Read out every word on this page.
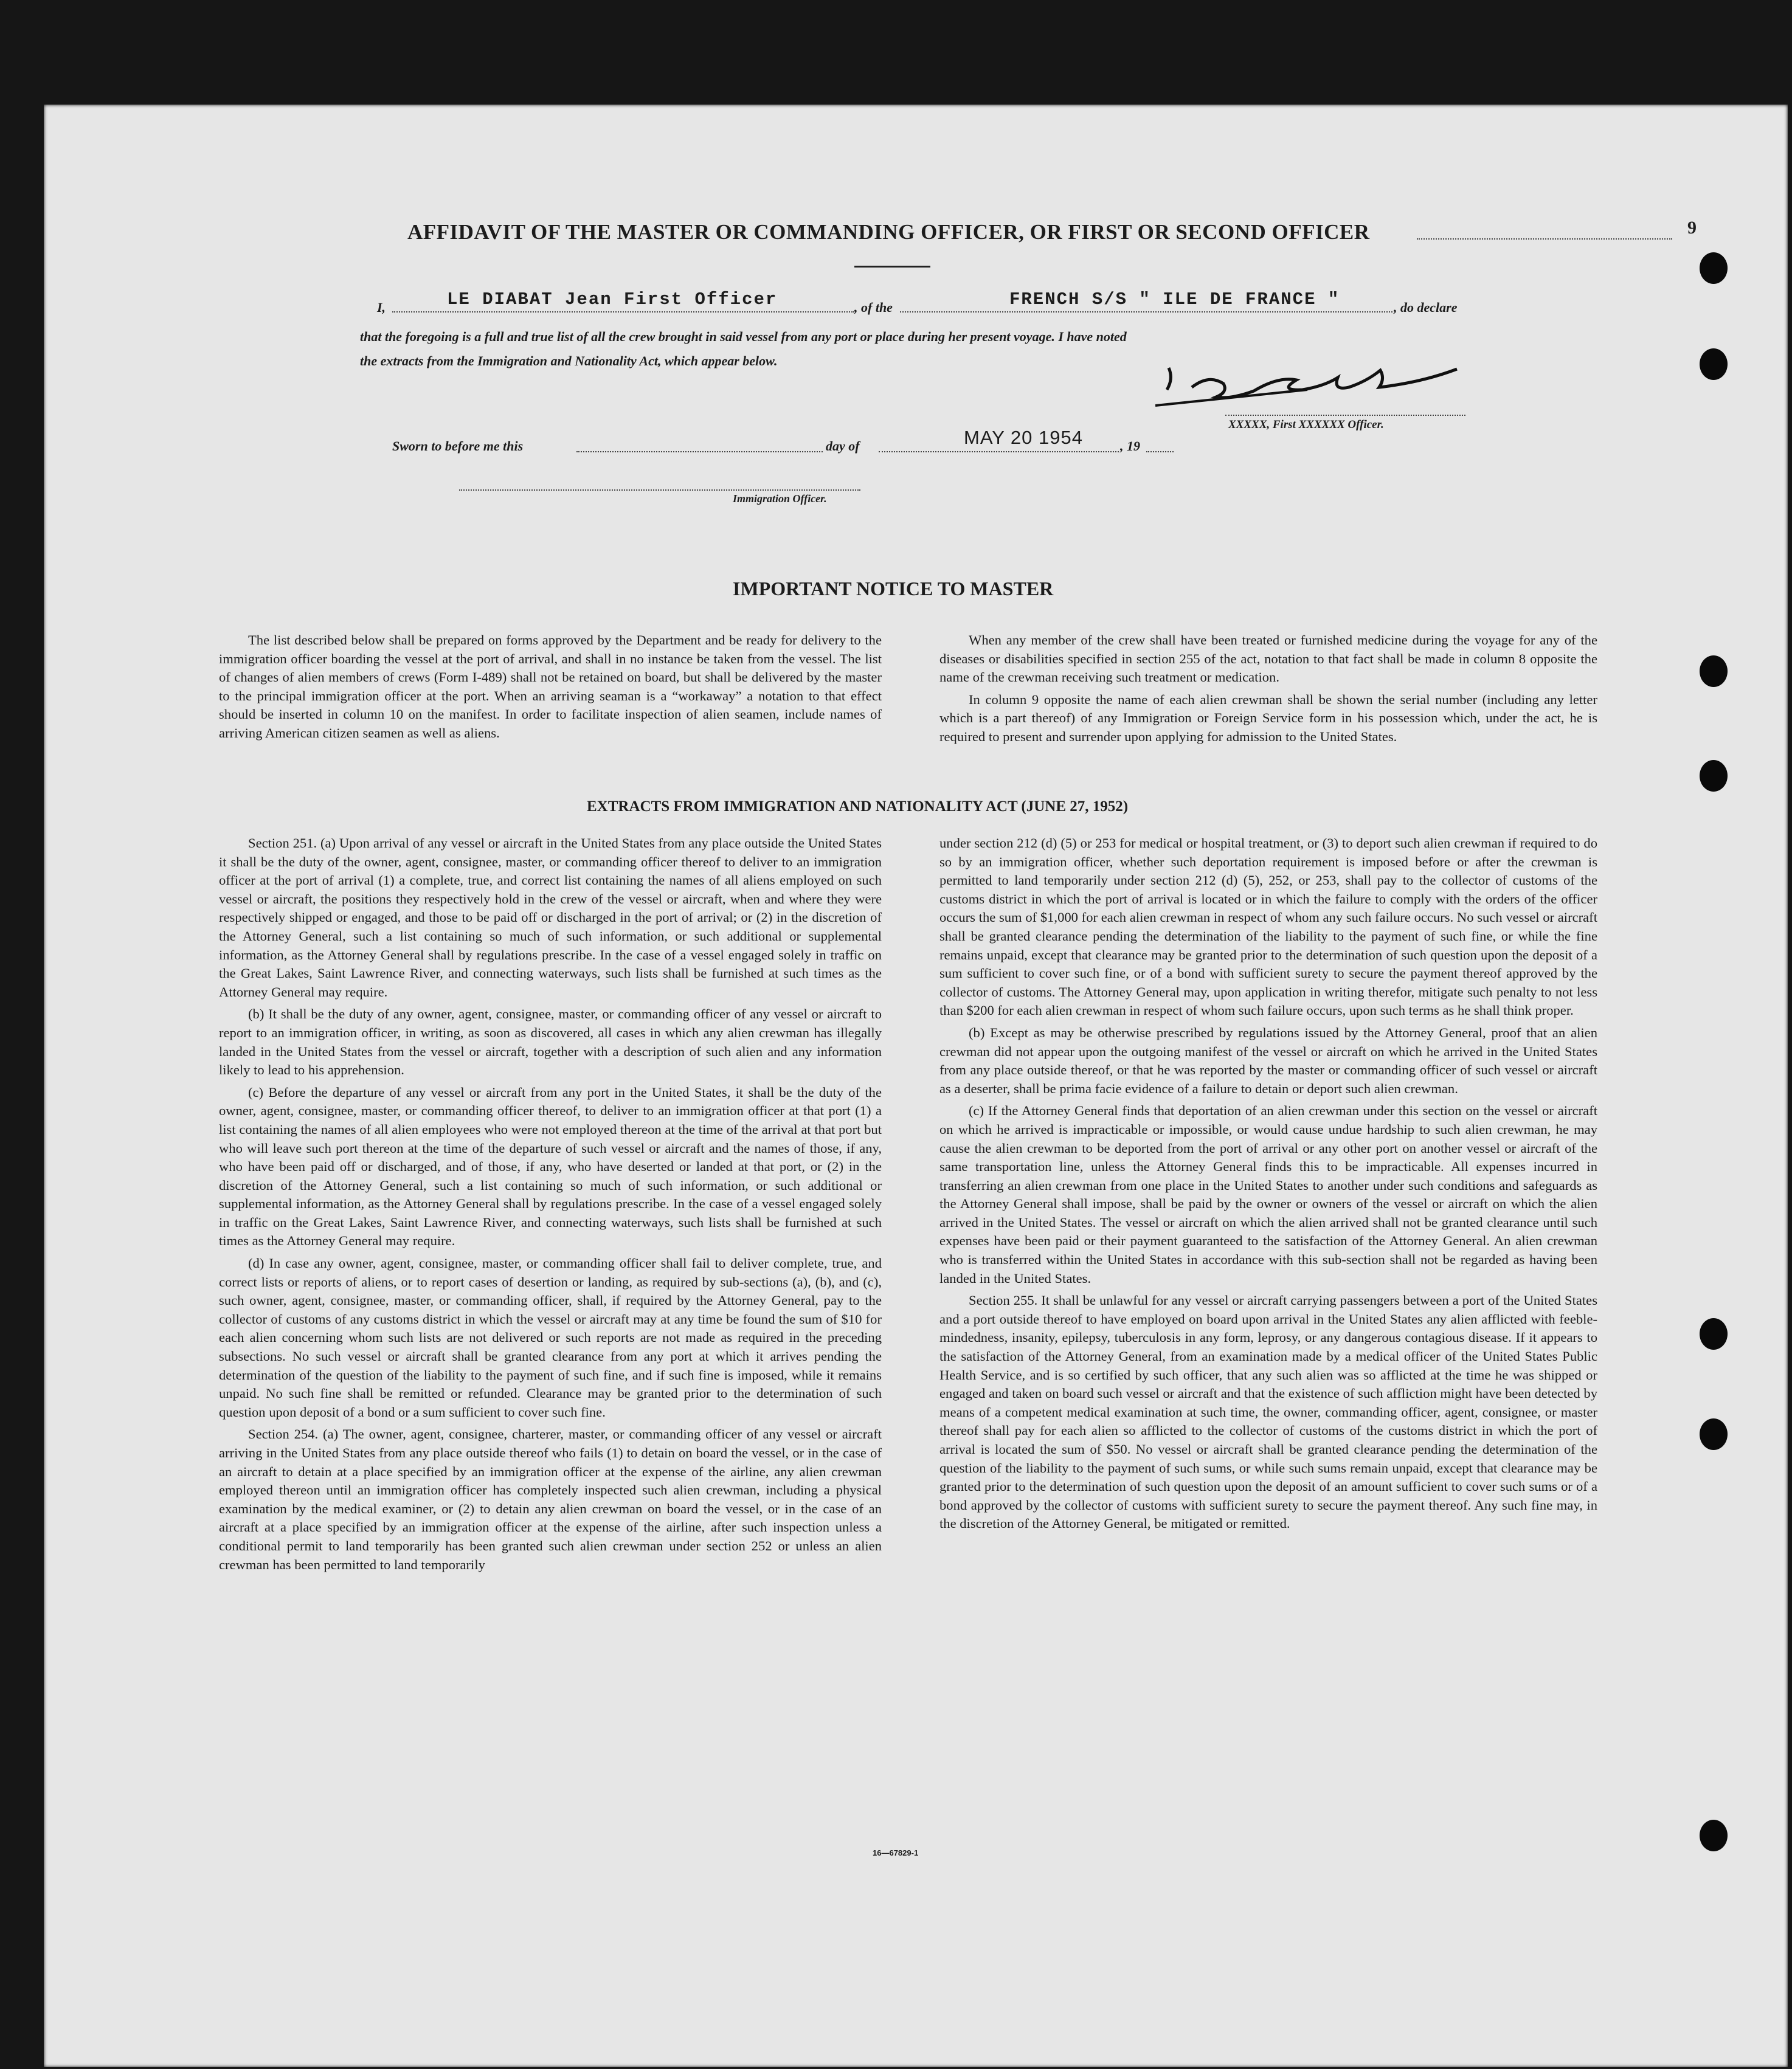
9
AFFIDAVIT OF THE MASTER OR COMMANDING OFFICER, OR FIRST OR SECOND OFFICER
I,	LE DIABAT Jean First Officer	, of the	FRENCH S/S " ILE DE FRANCE "	, do declare
that the foregoing is a full and true list of all the crew brought in said vessel from any port or place during her present voyage. I have noted
the extracts from the Immigration and Nationality Act, which appear below.
XXXXX, First XXXXXX Officer.
Sworn to before me this	day of	MAY 20 1954	, 19
Immigration Officer.
IMPORTANT NOTICE TO MASTER

The list described below shall be prepared on forms approved by the Department and be ready for delivery to the immigration officer boarding the vessel at the port of arrival, and shall in no instance be taken from the vessel. The list of changes of alien members of crews (Form I-489) shall not be retained on board, but shall be delivered by the master to the principal immigration officer at the port. When an arriving seaman is a “workaway” a notation to that effect should be inserted in column 10 on the manifest. In order to facilitate inspection of alien seamen, include names of arriving American citizen seamen as well as aliens.

When any member of the crew shall have been treated or furnished medicine during the voyage for any of the diseases or disabilities specified in section 255 of the act, notation to that fact shall be made in column 8 opposite the name of the crewman receiving such treatment or medication.

In column 9 opposite the name of each alien crewman shall be shown the serial number (including any letter which is a part thereof) of any Immigration or Foreign Service form in his possession which, under the act, he is required to present and surrender upon applying for admission to the United States.

EXTRACTS FROM IMMIGRATION AND NATIONALITY ACT (JUNE 27, 1952)

Section 251. (a) Upon arrival of any vessel or aircraft in the United States from any place outside the United States it shall be the duty of the owner, agent, consignee, master, or commanding officer thereof to deliver to an immigration officer at the port of arrival (1) a complete, true, and correct list containing the names of all aliens employed on such vessel or aircraft, the positions they respectively hold in the crew of the vessel or aircraft, when and where they were respectively shipped or engaged, and those to be paid off or discharged in the port of arrival; or (2) in the discretion of the Attorney General, such a list containing so much of such information, or such additional or supplemental information, as the Attorney General shall by regulations prescribe. In the case of a vessel engaged solely in traffic on the Great Lakes, Saint Lawrence River, and connecting waterways, such lists shall be furnished at such times as the Attorney General may require.

(b) It shall be the duty of any owner, agent, consignee, master, or commanding officer of any vessel or aircraft to report to an immigration officer, in writing, as soon as discovered, all cases in which any alien crewman has illegally landed in the United States from the vessel or aircraft, together with a description of such alien and any information likely to lead to his apprehension.

(c) Before the departure of any vessel or aircraft from any port in the United States, it shall be the duty of the owner, agent, consignee, master, or commanding officer thereof, to deliver to an immigration officer at that port (1) a list containing the names of all alien employees who were not employed thereon at the time of the arrival at that port but who will leave such port thereon at the time of the departure of such vessel or aircraft and the names of those, if any, who have been paid off or discharged, and of those, if any, who have deserted or landed at that port, or (2) in the discretion of the Attorney General, such a list containing so much of such information, or such additional or supplemental information, as the Attorney General shall by regulations prescribe. In the case of a vessel engaged solely in traffic on the Great Lakes, Saint Lawrence River, and connecting waterways, such lists shall be furnished at such times as the Attorney General may require.

(d) In case any owner, agent, consignee, master, or commanding officer shall fail to deliver complete, true, and correct lists or reports of aliens, or to report cases of desertion or landing, as required by sub-sections (a), (b), and (c), such owner, agent, consignee, master, or commanding officer, shall, if required by the Attorney General, pay to the collector of customs of any customs district in which the vessel or aircraft may at any time be found the sum of $10 for each alien concerning whom such lists are not delivered or such reports are not made as required in the preceding subsections. No such vessel or aircraft shall be granted clearance from any port at which it arrives pending the determination of the question of the liability to the payment of such fine, and if such fine is imposed, while it remains unpaid. No such fine shall be remitted or refunded. Clearance may be granted prior to the determination of such question upon deposit of a bond or a sum sufficient to cover such fine.

Section 254. (a) The owner, agent, consignee, charterer, master, or commanding officer of any vessel or aircraft arriving in the United States from any place outside thereof who fails (1) to detain on board the vessel, or in the case of an aircraft to detain at a place specified by an immigration officer at the expense of the airline, any alien crewman employed thereon until an immigration officer has completely inspected such alien crewman, including a physical examination by the medical examiner, or (2) to detain any alien crewman on board the vessel, or in the case of an aircraft at a place specified by an immigration officer at the expense of the airline, after such inspection unless a conditional permit to land temporarily has been granted such alien crewman under section 252 or unless an alien crewman has been permitted to land temporarily

under section 212 (d) (5) or 253 for medical or hospital treatment, or (3) to deport such alien crewman if required to do so by an immigration officer, whether such deportation requirement is imposed before or after the crewman is permitted to land temporarily under section 212 (d) (5), 252, or 253, shall pay to the collector of customs of the customs district in which the port of arrival is located or in which the failure to comply with the orders of the officer occurs the sum of $1,000 for each alien crewman in respect of whom any such failure occurs. No such vessel or aircraft shall be granted clearance pending the determination of the liability to the payment of such fine, or while the fine remains unpaid, except that clearance may be granted prior to the determination of such question upon the deposit of a sum sufficient to cover such fine, or of a bond with sufficient surety to secure the payment thereof approved by the collector of customs. The Attorney General may, upon application in writing therefor, mitigate such penalty to not less than $200 for each alien crewman in respect of whom such failure occurs, upon such terms as he shall think proper.

(b) Except as may be otherwise prescribed by regulations issued by the Attorney General, proof that an alien crewman did not appear upon the outgoing manifest of the vessel or aircraft on which he arrived in the United States from any place outside thereof, or that he was reported by the master or commanding officer of such vessel or aircraft as a deserter, shall be prima facie evidence of a failure to detain or deport such alien crewman.

(c) If the Attorney General finds that deportation of an alien crewman under this section on the vessel or aircraft on which he arrived is impracticable or impossible, or would cause undue hardship to such alien crewman, he may cause the alien crewman to be deported from the port of arrival or any other port on another vessel or aircraft of the same transportation line, unless the Attorney General finds this to be impracticable. All expenses incurred in transferring an alien crewman from one place in the United States to another under such conditions and safeguards as the Attorney General shall impose, shall be paid by the owner or owners of the vessel or aircraft on which the alien arrived in the United States. The vessel or aircraft on which the alien arrived shall not be granted clearance until such expenses have been paid or their payment guaranteed to the satisfaction of the Attorney General. An alien crewman who is transferred within the United States in accordance with this sub-section shall not be regarded as having been landed in the United States.

Section 255. It shall be unlawful for any vessel or aircraft carrying passengers between a port of the United States and a port outside thereof to have employed on board upon arrival in the United States any alien afflicted with feeble-mindedness, insanity, epilepsy, tuberculosis in any form, leprosy, or any dangerous contagious disease. If it appears to the satisfaction of the Attorney General, from an examination made by a medical officer of the United States Public Health Service, and is so certified by such officer, that any such alien was so afflicted at the time he was shipped or engaged and taken on board such vessel or aircraft and that the existence of such affliction might have been detected by means of a competent medical examination at such time, the owner, commanding officer, agent, consignee, or master thereof shall pay for each alien so afflicted to the collector of customs of the customs district in which the port of arrival is located the sum of $50. No vessel or aircraft shall be granted clearance pending the determination of the question of the liability to the payment of such sums, or while such sums remain unpaid, except that clearance may be granted prior to the determination of such question upon the deposit of an amount sufficient to cover such sums or of a bond approved by the collector of customs with sufficient surety to secure the payment thereof. Any such fine may, in the discretion of the Attorney General, be mitigated or remitted.

16—67829-1
